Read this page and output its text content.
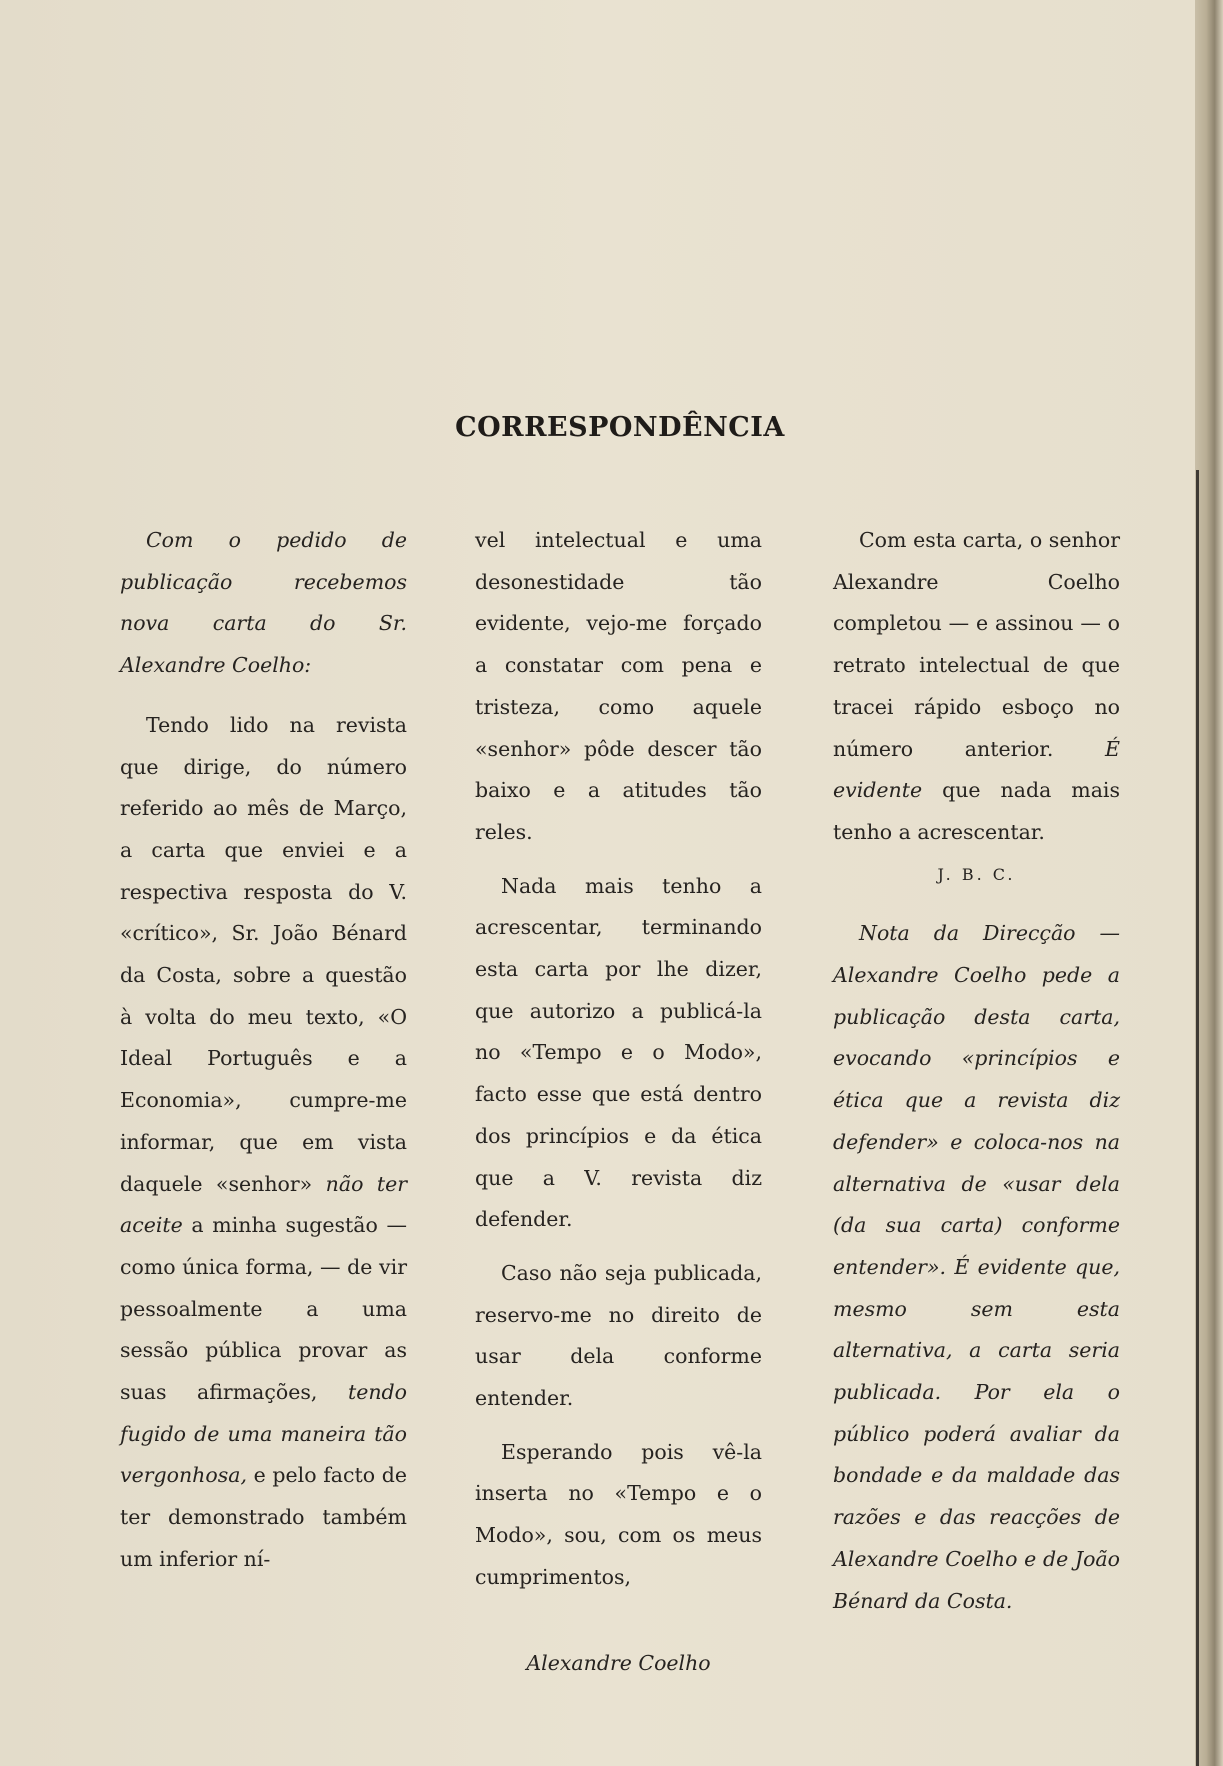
CORRESPONDÊNCIA

Com o pedido de publicação recebemos nova carta do Sr. Alexandre Coelho:

Tendo lido na revista que dirige, do número referido ao mês de Março, a carta que enviei e a respectiva resposta do V. «crítico», Sr. João Bénard da Costa, sobre a questão à volta do meu texto, «O Ideal Português e a Economia», cumpre-me informar, que em vista daquele «senhor» não ter aceite a minha sugestão — como única forma, — de vir pessoalmente a uma sessão pública provar as suas afirmações, tendo fugido de uma maneira tão vergonhosa, e pelo facto de ter demonstrado também um inferior ní-

vel intelectual e uma desonestidade tão evidente, vejo-me forçado a constatar com pena e tristeza, como aquele «senhor» pôde descer tão baixo e a atitudes tão reles.

Nada mais tenho a acrescentar, terminando esta carta por lhe dizer, que autorizo a publicá-la no «Tempo e o Modo», facto esse que está dentro dos princípios e da ética que a V. revista diz defender.

Caso não seja publicada, reservo-me no direito de usar dela conforme entender.

Esperando pois vê-la inserta no «Tempo e o Modo», sou, com os meus cumprimentos,

Alexandre Coelho

Com esta carta, o senhor Alexandre Coelho completou — e assinou — o retrato intelectual de que tracei rápido esboço no número anterior. É evidente que nada mais tenho a acrescentar.

J. B. C.

Nota da Direcção — Alexandre Coelho pede a publicação desta carta, evocando «princípios e ética que a revista diz defender» e coloca-nos na alternativa de «usar dela (da sua carta) conforme entender». É evidente que, mesmo sem esta alternativa, a carta seria publicada. Por ela o público poderá avaliar da bondade e da maldade das razões e das reacções de Alexandre Coelho e de João Bénard da Costa.
